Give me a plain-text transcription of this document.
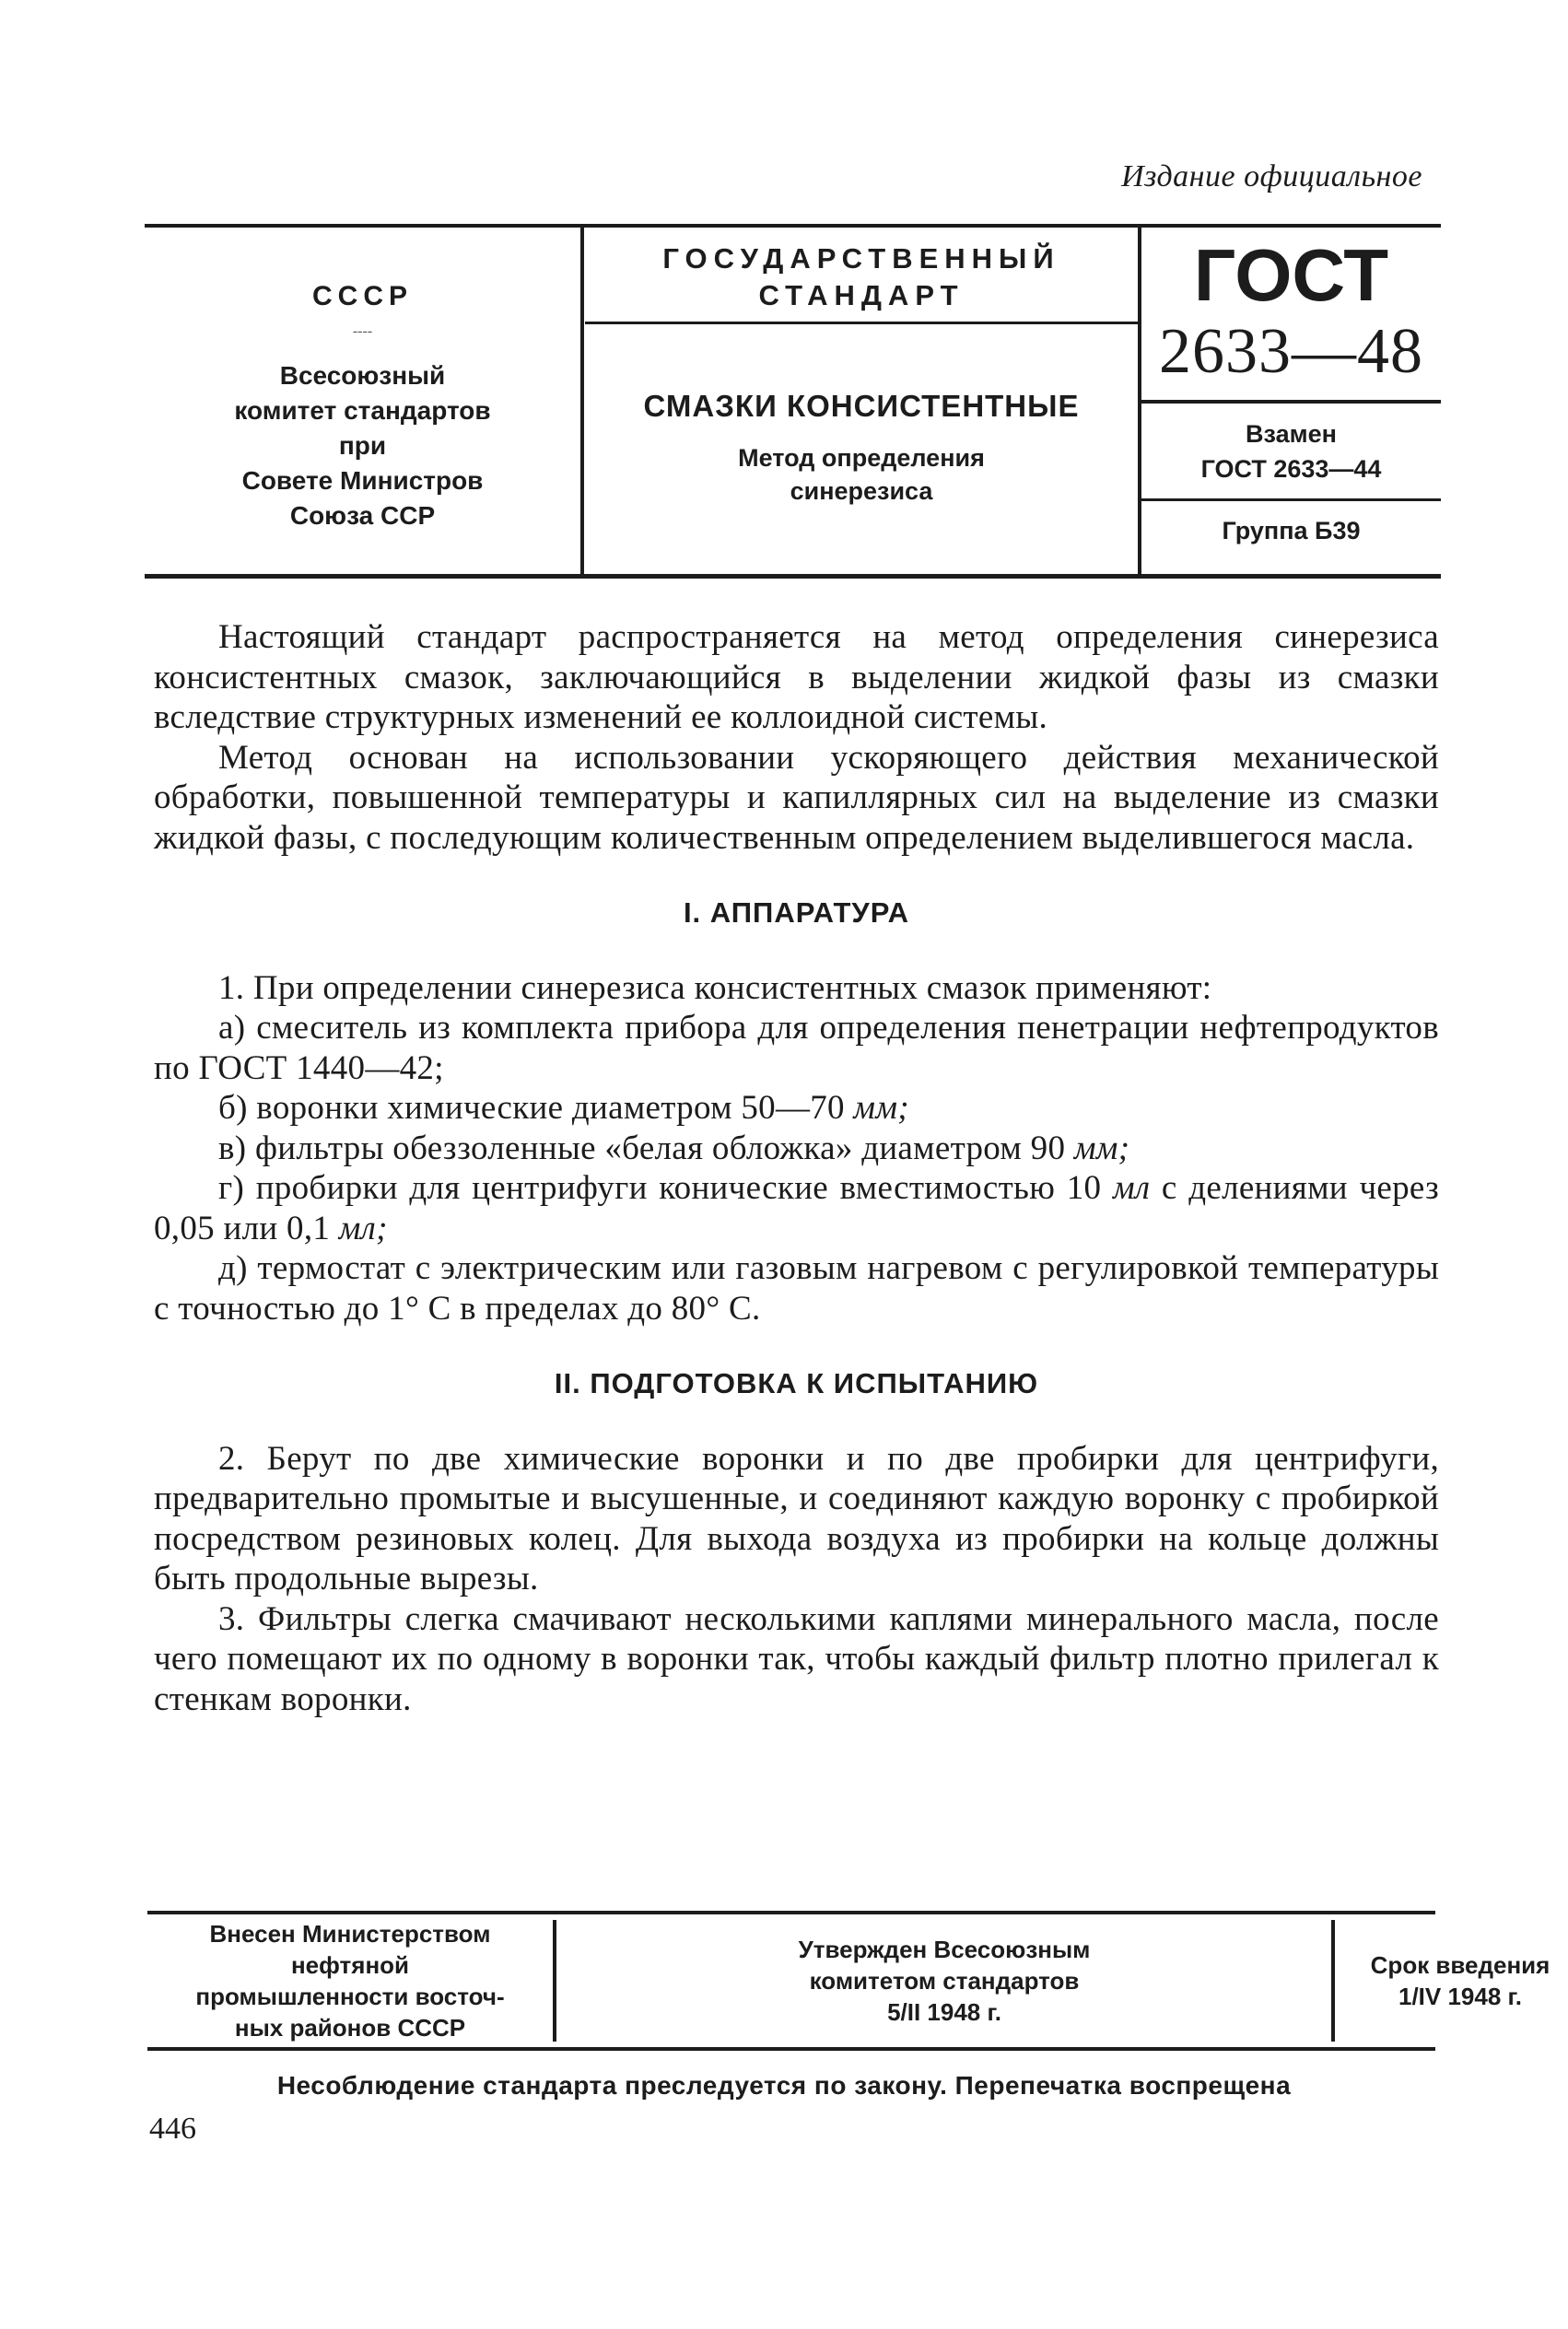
Издание официальное
СССР
----
Всесоюзный
комитет стандартов
при
Совете Министров
Союза ССР
ГОСУДАРСТВЕННЫЙ
СТАНДАРТ
СМАЗКИ КОНСИСТЕНТНЫЕ
Метод определения
синерезиса
ГОСТ
2633—48
Взамен
ГОСТ 2633—44
Группа Б39

Настоящий стандарт распространяется на метод определения синерезиса консистентных смазок, заключающийся в выделении жидкой фазы из смазки вследствие структурных изменений ее коллоидной системы.

Метод основан на использовании ускоряющего действия механической обработки, повышенной температуры и капиллярных сил на выделение из смазки жидкой фазы, с последующим количественным определением выделившегося масла.

I. АППАРАТУРА

1. При определении синерезиса консистентных смазок применяют:

а) смеситель из комплекта прибора для определения пенетрации нефтепродуктов по ГОСТ 1440—42;

б) воронки химические диаметром 50—70 мм;

в) фильтры обеззоленные «белая обложка» диаметром 90 мм;

г) пробирки для центрифуги конические вместимостью 10 мл с делениями через 0,05 или 0,1 мл;

д) термостат с электрическим или газовым нагревом с регулировкой температуры с точностью до 1° С в пределах до 80° С.

II. ПОДГОТОВКА К ИСПЫТАНИЮ

2. Берут по две химические воронки и по две пробирки для центрифуги, предварительно промытые и высушенные, и соединяют каждую воронку с пробиркой посредством резиновых колец. Для выхода воздуха из пробирки на кольце должны быть продольные вырезы.

3. Фильтры слегка смачивают несколькими каплями минерального масла, после чего помещают их по одному в воронки так, чтобы каждый фильтр плотно прилегал к стенкам воронки.

Внесен Министерством
нефтяной
промышленности восточ-
ных районов СССР
Утвержден Всесоюзным
комитетом стандартов
5/II 1948 г.
Срок введения
1/IV 1948 г.
Несоблюдение стандарта преследуется по закону. Перепечатка воспрещена
446
